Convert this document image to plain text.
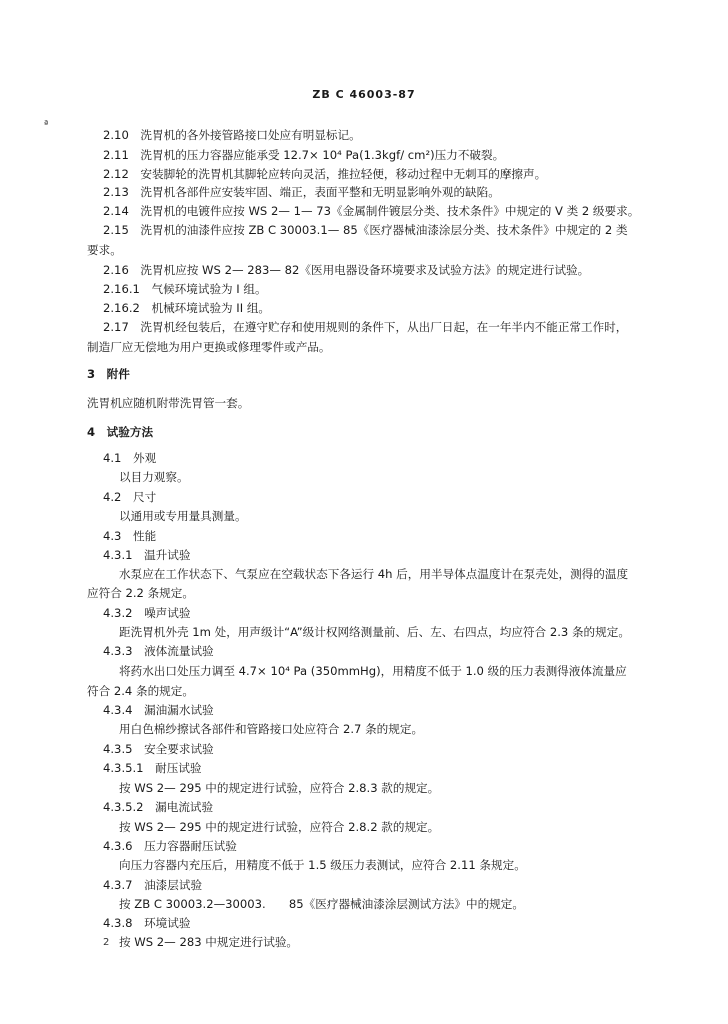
ZB C 46003-87
ª
2.10　洗胃机的各外接管路接口处应有明显标记。
2.11　洗胃机的压力容器应能承受 12.7× 10⁴ Pa(1.3kgf/ cm²)压力不破裂。
2.12　安装脚轮的洗胃机其脚轮应转向灵活，推拉轻便，移动过程中无刺耳的摩擦声。
2.13　洗胃机各部件应安装牢固、端正，表面平整和无明显影响外观的缺陷。
2.14　洗胃机的电镀件应按 WS 2— 1— 73《金属制件镀层分类、技术条件》中规定的 V 类 2 级要求。
2.15　洗胃机的油漆件应按 ZB C 30003.1— 85《医疗器械油漆涂层分类、技术条件》中规定的 2 类
要求。
2.16　洗胃机应按 WS 2— 283— 82《医用电器设备环境要求及试验方法》的规定进行试验。
2.16.1　气候环境试验为 I 组。
2.16.2　机械环境试验为 II 组。
2.17　洗胃机经包装后，在遵守贮存和使用规则的条件下，从出厂日起，在一年半内不能正常工作时，
制造厂应无偿地为用户更换或修理零件或产品。
3　附件
洗胃机应随机附带洗胃管一套。
4　试验方法
4.1　外观
以目力观察。
4.2　尺寸
以通用或专用量具测量。
4.3　性能
4.3.1　温升试验
水泵应在工作状态下、气泵应在空载状态下各运行 4h 后，用半导体点温度计在泵壳处，测得的温度
应符合 2.2 条规定。
4.3.2　噪声试验
距洗胃机外壳 1m 处，用声级计“A”级计权网络测量前、后、左、右四点，均应符合 2.3 条的规定。
4.3.3　液体流量试验
将药水出口处压力调至 4.7× 10⁴ Pa (350mmHg)，用精度不低于 1.0 级的压力表测得液体流量应
符合 2.4 条的规定。
4.3.4　漏油漏水试验
用白色棉纱擦试各部件和管路接口处应符合 2.7 条的规定。
4.3.5　安全要求试验
4.3.5.1　耐压试验
按 WS 2— 295 中的规定进行试验，应符合 2.8.3 款的规定。
4.3.5.2　漏电流试验
按 WS 2— 295 中的规定进行试验，应符合 2.8.2 款的规定。
4.3.6　压力容器耐压试验
向压力容器内充压后，用精度不低于 1.5 级压力表测试，应符合 2.11 条规定。
4.3.7　油漆层试验
按 ZB C 30003.2—30003.　　85《医疗器械油漆涂层测试方法》中的规定。
4.3.8　环境试验
按 WS 2— 283 中规定进行试验。
2
